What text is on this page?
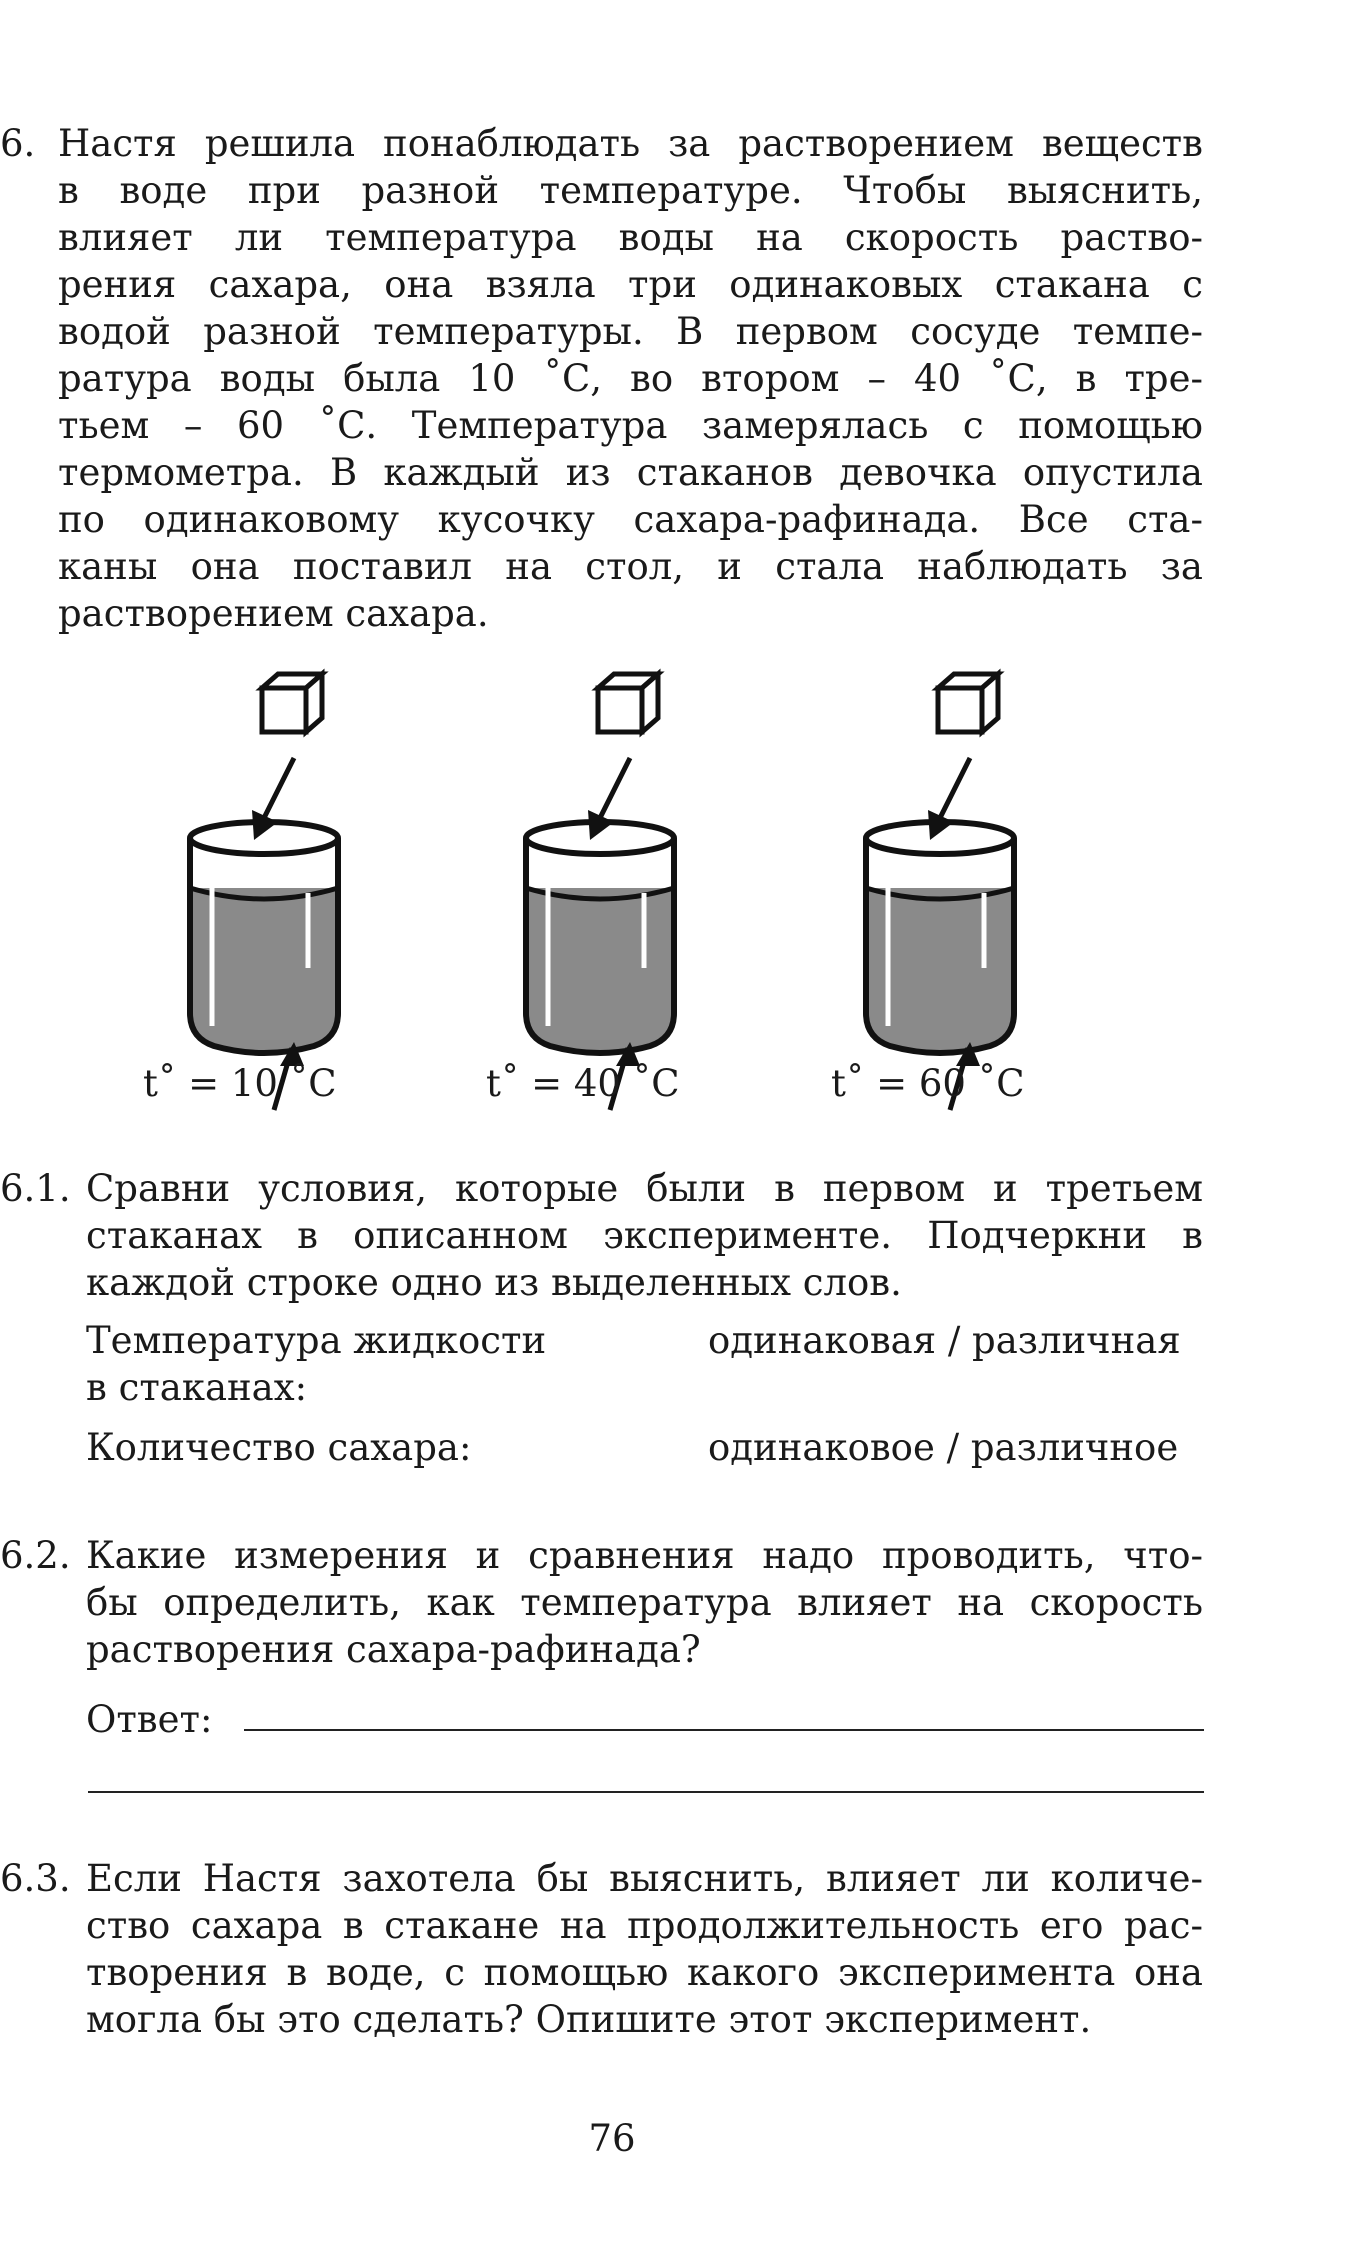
6. Настя решила понаблюдать за растворением веществ
в воде при разной температуре. Чтобы выяснить,
влияет ли температура воды на скорость раство-
рения сахара, она взяла три одинаковых стакана с
водой разной температуры. В первом сосуде темпе-
ратура воды была 10 ˚С, во втором – 40 ˚С, в тре-
тьем – 60 ˚С. Температура замерялась с помощью
термометра. В каждый из стаканов девочка опустила
по одинаковому кусочку сахара-рафинада. Все ста-
каны она поставил на стол, и стала наблюдать за
растворением сахара.
t˚ = 10 ˚С	t˚ = 40 ˚С	t˚ = 60 ˚С
6.1. Сравни условия, которые были в первом и третьем
стаканах в описанном эксперименте. Подчеркни в
каждой строке одно из выделенных слов.
Температура жидкости
в стаканах:
одинаковая / различная
Количество сахара:	одинаковое / различное
6.2. Какие измерения и сравнения надо проводить, что-
бы определить, как температура влияет на скорость
растворения сахара-рафинада?
Ответ:
6.3. Если Настя захотела бы выяснить, влияет ли количе-
ство сахара в стакане на продолжительность его рас-
творения в воде, с помощью какого эксперимента она
могла бы это сделать? Опишите этот эксперимент.
76
